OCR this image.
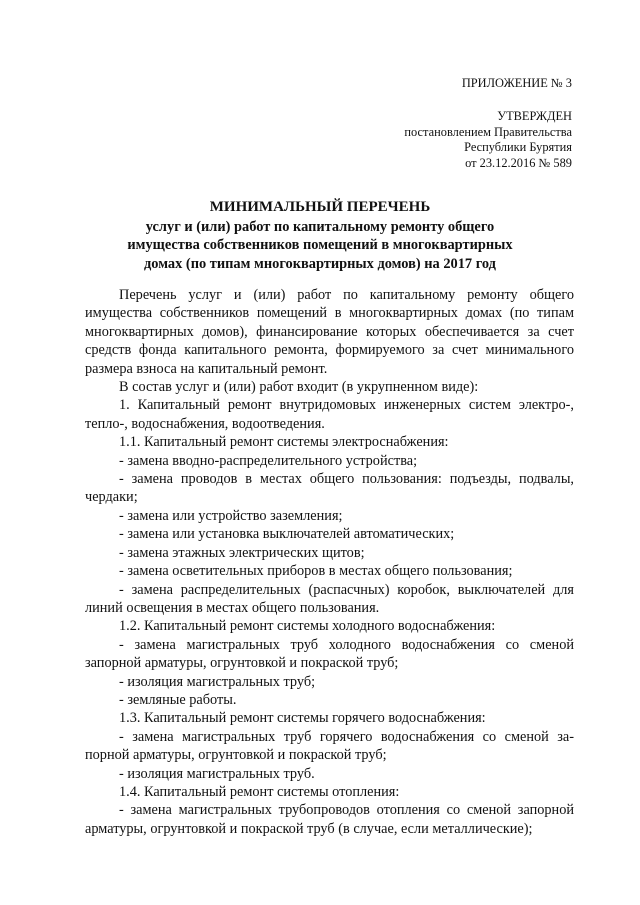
ПРИЛОЖЕНИЕ № 3
УТВЕРЖДЕН
постановлением Правительства
Республики Бурятия
от 23.12.2016 № 589
МИНИМАЛЬНЫЙ ПЕРЕЧЕНЬ
услуг и (или) работ по капитальному ремонту общего
имущества собственников помещений в многоквартирных
домах (по типам многоквартирных домов) на 2017 год
Перечень услуг и (или) работ по капитальному ремонту общего имущества собственников помещений в многоквартирных домах (по типам многоквартирных домов), финансирование которых обеспечивается за счет средств фонда капитального ремонта, формируемого за счет минимального размера взноса на капитальный ремонт.
В состав услуг и (или) работ входит (в укрупненном виде):
1. Капитальный ремонт внутридомовых инженерных систем электро-, тепло-, водоснабжения, водоотведения.
1.1. Капитальный ремонт системы электроснабжения:
- замена вводно-распределительного устройства;
- замена проводов в местах общего пользования: подъезды, подвалы, чердаки;
- замена или устройство заземления;
- замена или установка выключателей автоматических;
- замена этажных электрических щитов;
- замена осветительных приборов в местах общего пользования;
- замена распределительных (распасчных) коробок, выключателей для линий освещения в местах общего пользования.
1.2. Капитальный ремонт системы холодного водоснабжения:
- замена магистральных труб холодного водоснабжения со сменой запорной арматуры, огрунтовкой и покраской труб;
- изоляция магистральных труб;
- земляные работы.
1.3. Капитальный ремонт системы горячего водоснабжения:
- замена магистральных труб горячего водоснабжения со сменой запорной арматуры, огрунтовкой и покраской труб;
- изоляция магистральных труб.
1.4. Капитальный ремонт системы отопления:
- замена магистральных трубопроводов отопления со сменой запорной арматуры, огрунтовкой и покраской труб (в случае, если металлические);
